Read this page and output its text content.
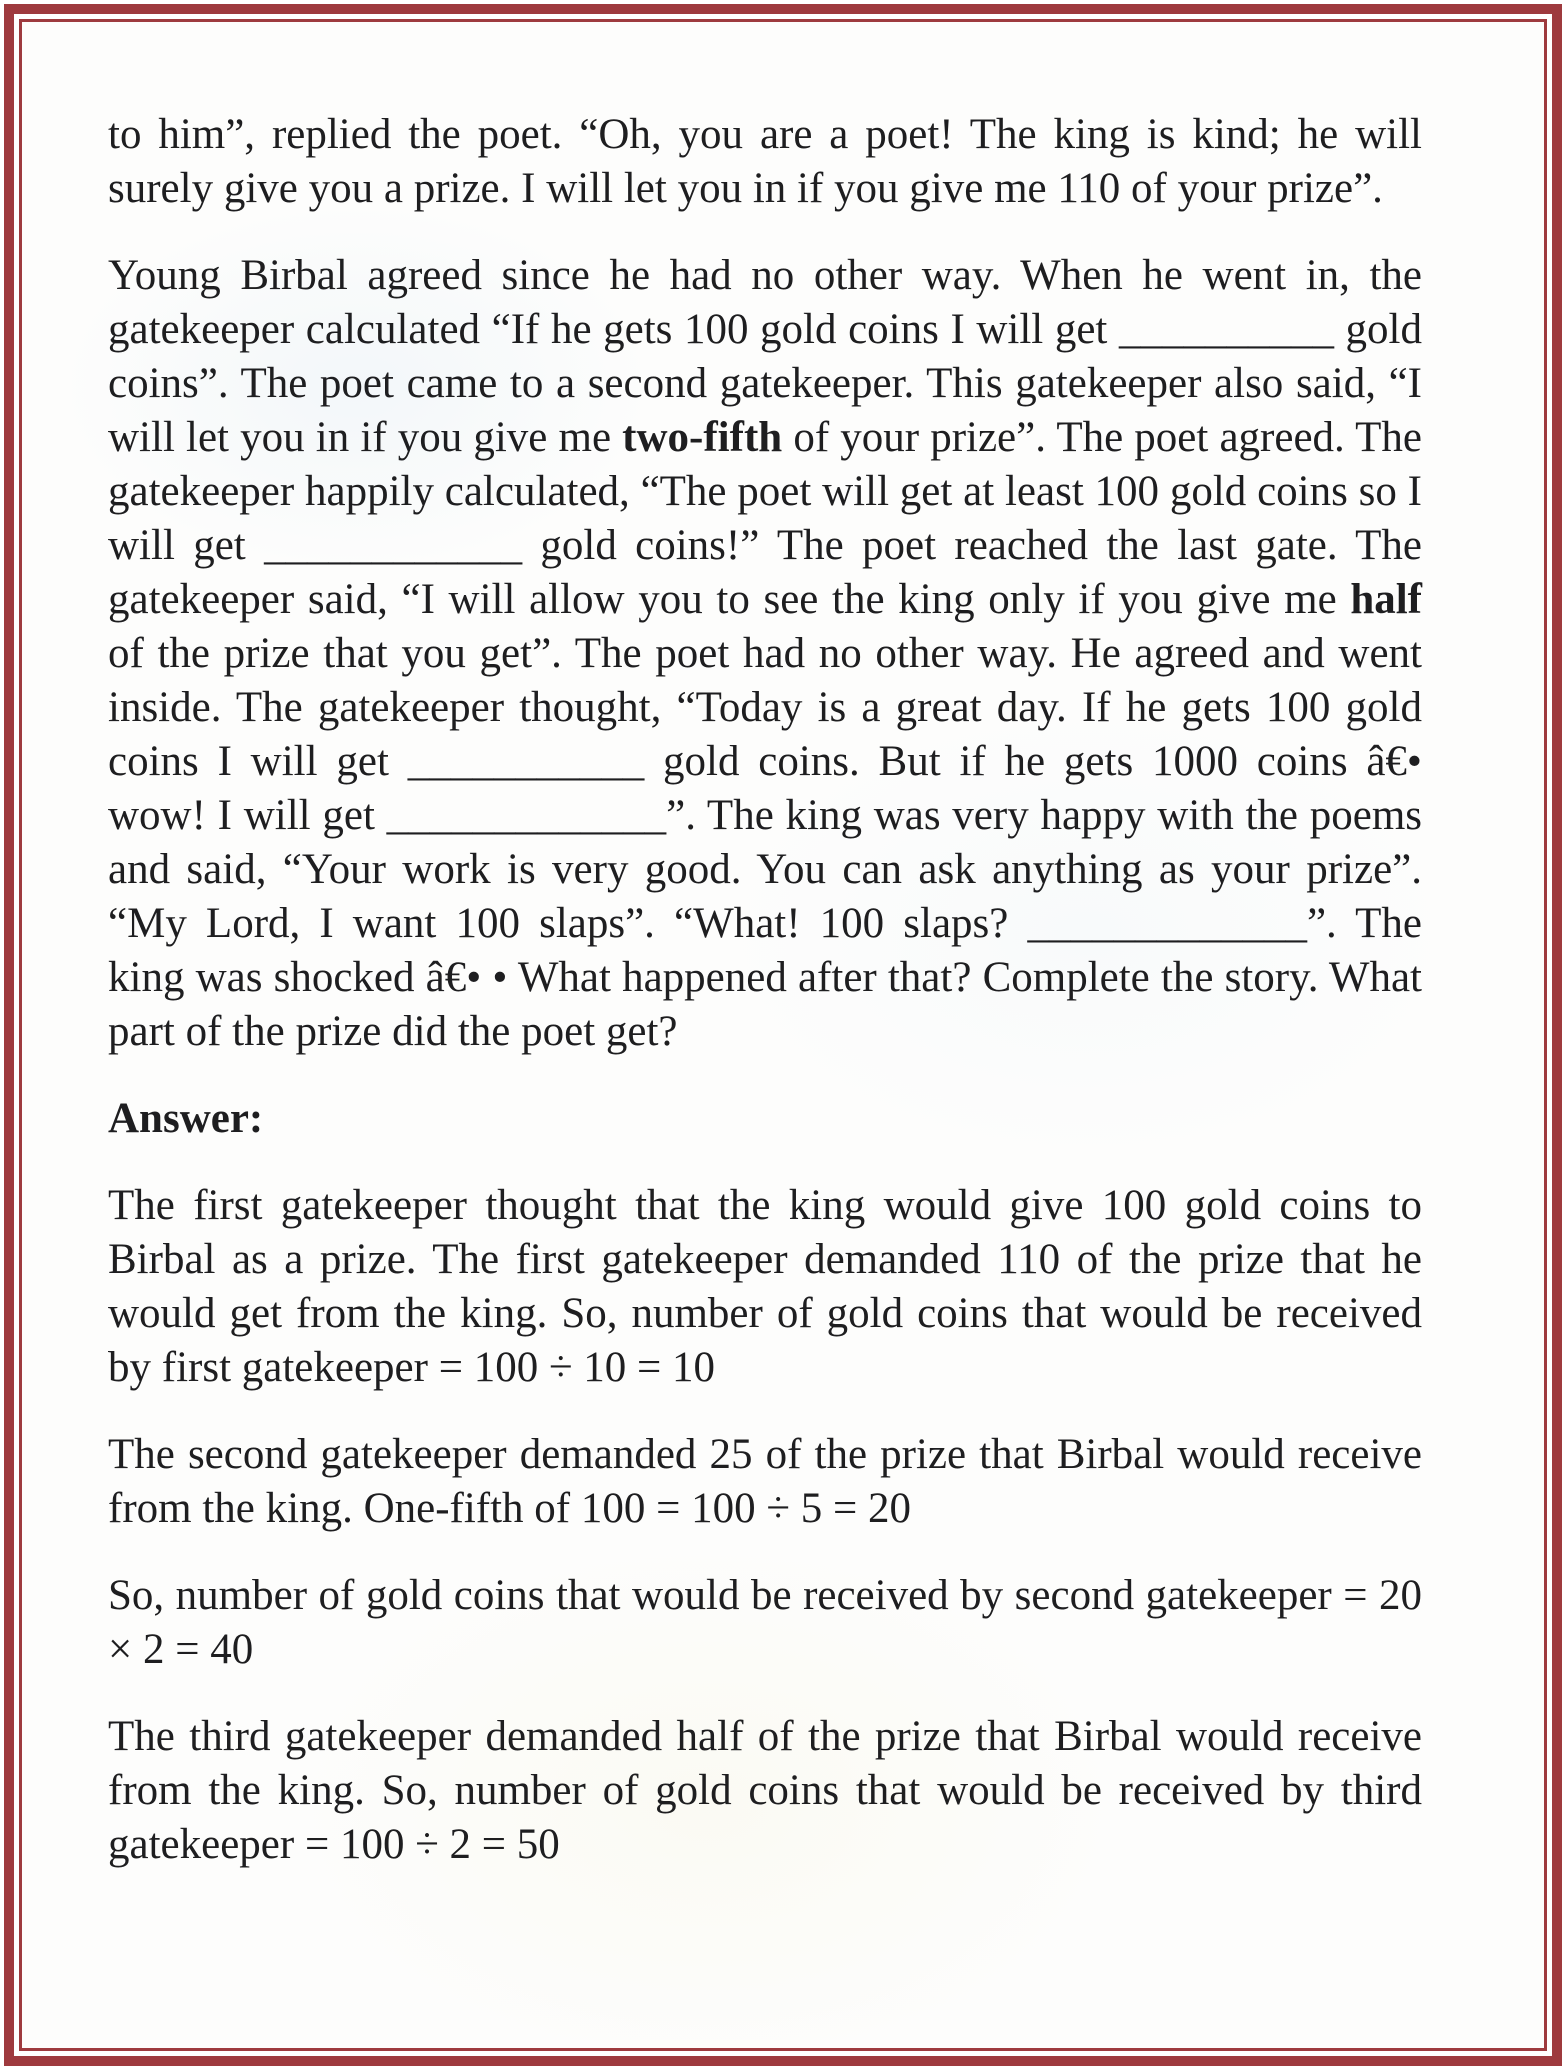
to him”, replied the poet. “Oh, you are a poet! The king is kind; he will surely give you a prize. I will let you in if you give me 110 of your prize”.

Young Birbal agreed since he had no other way. When he went in, the gatekeeper calculated “If he gets 100 gold coins I will get __________ gold coins”. The poet came to a second gatekeeper. This gatekeeper also said, “I will let you in if you give me two-fifth of your prize”. The poet agreed. The gatekeeper happily calculated, “The poet will get at least 100 gold coins so I will get ____________ gold coins!” The poet reached the last gate. The gatekeeper said, “I will allow you to see the king only if you give me half of the prize that you get”. The poet had no other way. He agreed and went inside. The gatekeeper thought, “Today is a great day. If he gets 100 gold coins I will get ___________ gold coins. But if he gets 1000 coins â€• wow! I will get _____________”. The king was very happy with the poems and said, “Your work is very good. You can ask anything as your prize”. “My Lord, I want 100 slaps”. “What! 100 slaps? _____________”. The king was shocked â€• • What happened after that? Complete the story. What part of the prize did the poet get?

Answer:

The first gatekeeper thought that the king would give 100 gold coins to Birbal as a prize. The first gatekeeper demanded 110 of the prize that he would get from the king. So, number of gold coins that would be received by first gatekeeper = 100 ÷ 10 = 10

The second gatekeeper demanded 25 of the prize that Birbal would receive from the king. One-fifth of 100 = 100 ÷ 5 = 20

So, number of gold coins that would be received by second gatekeeper = 20 × 2 = 40

The third gatekeeper demanded half of the prize that Birbal would receive from the king. So, number of gold coins that would be received by third gatekeeper = 100 ÷ 2 = 50
